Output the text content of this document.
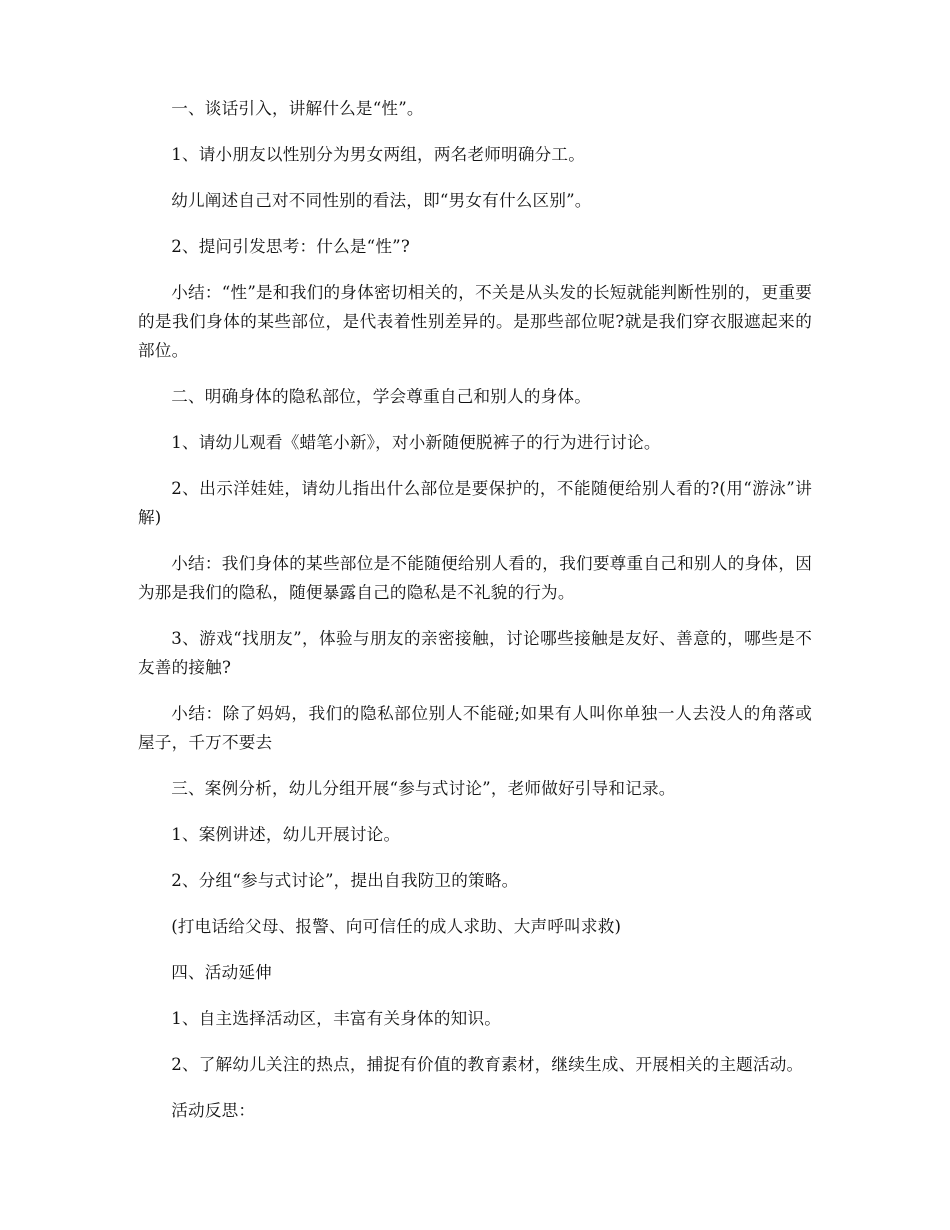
一、谈话引入，讲解什么是“性”。

1、请小朋友以性别分为男女两组，两名老师明确分工。

幼儿阐述自己对不同性别的看法，即“男女有什么区别”。

2、提问引发思考：什么是“性”?

小结：“性”是和我们的身体密切相关的，不关是从头发的长短就能判断性别的，更重要的是我们身体的某些部位，是代表着性别差异的。是那些部位呢?就是我们穿衣服遮起来的部位。

二、明确身体的隐私部位，学会尊重自己和别人的身体。

1、请幼儿观看《蜡笔小新》，对小新随便脱裤子的行为进行讨论。

2、出示洋娃娃，请幼儿指出什么部位是要保护的，不能随便给别人看的?(用“游泳”讲解)

小结：我们身体的某些部位是不能随便给别人看的，我们要尊重自己和别人的身体，因为那是我们的隐私，随便暴露自己的隐私是不礼貌的行为。

3、游戏“找朋友”，体验与朋友的亲密接触，讨论哪些接触是友好、善意的，哪些是不友善的接触?

小结：除了妈妈，我们的隐私部位别人不能碰;如果有人叫你单独一人去没人的角落或屋子，千万不要去

三、案例分析，幼儿分组开展“参与式讨论”，老师做好引导和记录。

1、案例讲述，幼儿开展讨论。

2、分组“参与式讨论”，提出自我防卫的策略。

(打电话给父母、报警、向可信任的成人求助、大声呼叫求救)

四、活动延伸

1、自主选择活动区，丰富有关身体的知识。

2、了解幼儿关注的热点，捕捉有价值的教育素材，继续生成、开展相关的主题活动。

活动反思：
